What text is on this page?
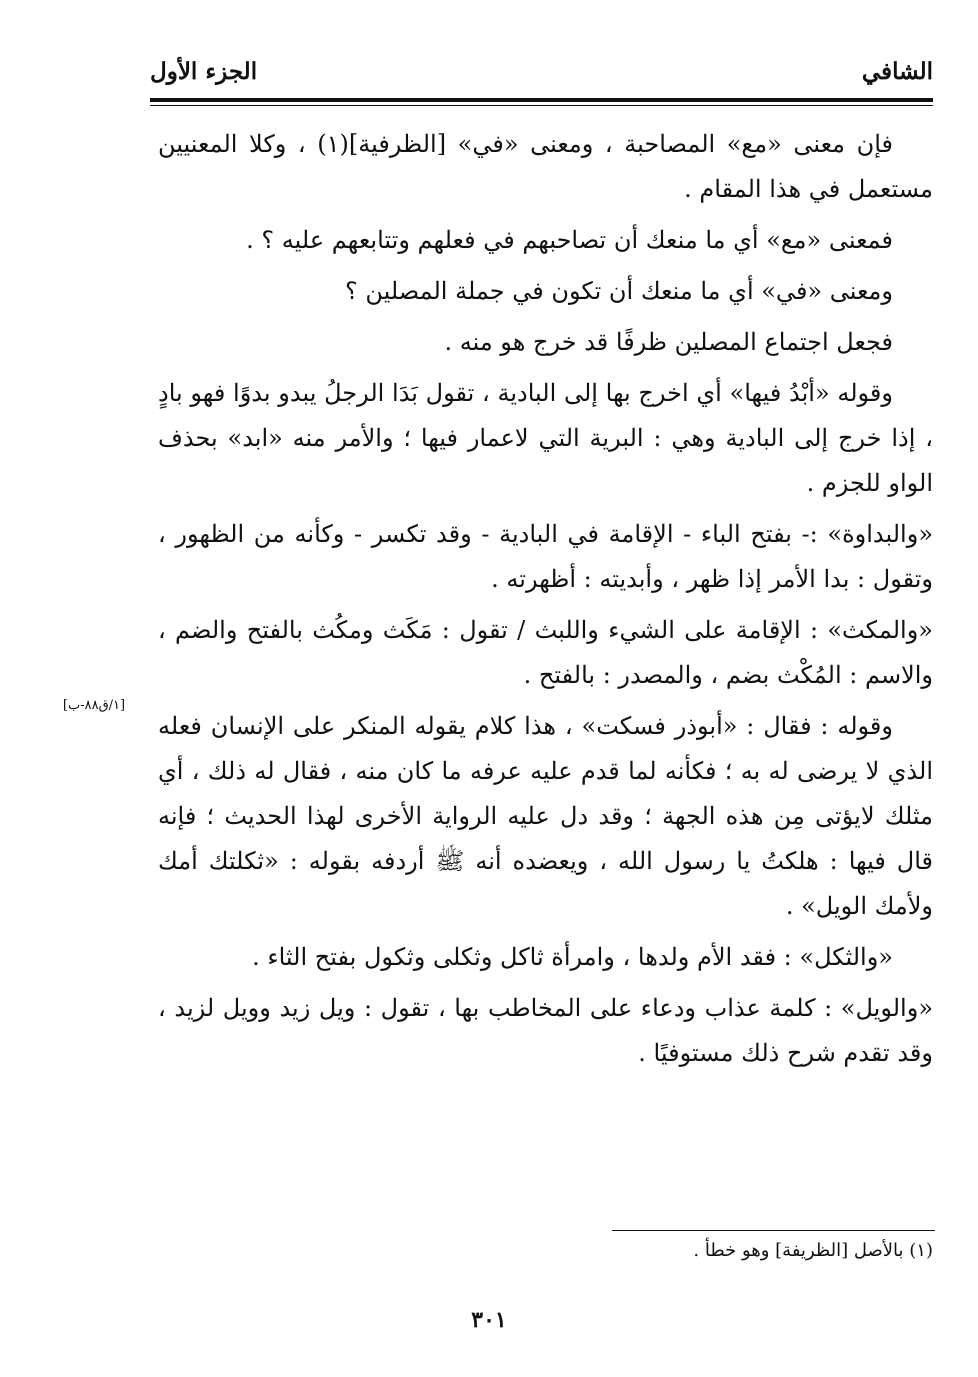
الشافي
الجزء الأول

فإن معنى «مع» المصاحبة ، ومعنى «في» [الظرفية](١) ، وكلا المعنيين مستعمل في هذا المقام .

فمعنى «مع» أي ما منعك أن تصاحبهم في فعلهم وتتابعهم عليه ؟ .

ومعنى «في» أي ما منعك أن تكون في جملة المصلين ؟

فجعل اجتماع المصلين ظرفًا قد خرج هو منه .

وقوله «أبْدُ فيها» أي اخرج بها إلى البادية ، تقول بَدَا الرجلُ يبدو بدوًا فهو بادٍ ، إذا خرج إلى البادية وهي : البرية التي لاعمار فيها ؛ والأمر منه «ابد» بحذف الواو للجزم .

«والبداوة» :- بفتح الباء - الإقامة في البادية - وقد تكسر - وكأنه من الظهور ، وتقول : بدا الأمر إذا ظهر ، وأبديته : أظهرته .

«والمكث» : الإقامة على الشيء واللبث / تقول : مَكَث ومكُث بالفتح والضم ، والاسم : المُكْث بضم ، والمصدر : بالفتح .

وقوله : فقال : «أبوذر فسكت» ، هذا كلام يقوله المنكر على الإنسان فعله الذي لا يرضى له به ؛ فكأنه لما قدم عليه عرفه ما كان منه ، فقال له ذلك ، أي مثلك لايؤتى مِن هذه الجهة ؛ وقد دل عليه الرواية الأخرى لهذا الحديث ؛ فإنه قال فيها : هلكتُ يا رسول الله ، ويعضده أنه ﷺ أردفه بقوله : «ثكلتك أمك ولأمك الويل» .

«والثكل» : فقد الأم ولدها ، وامرأة ثاكل وثكلى وثكول بفتح الثاء .

«والويل» : كلمة عذاب ودعاء على المخاطب بها ، تقول : ويل زيد وويل لزيد ، وقد تقدم شرح ذلك مستوفيًا .

[١/ق٨٨-ب]
(١) بالأصل [الظريفة] وهو خطأ .
٣٠١
